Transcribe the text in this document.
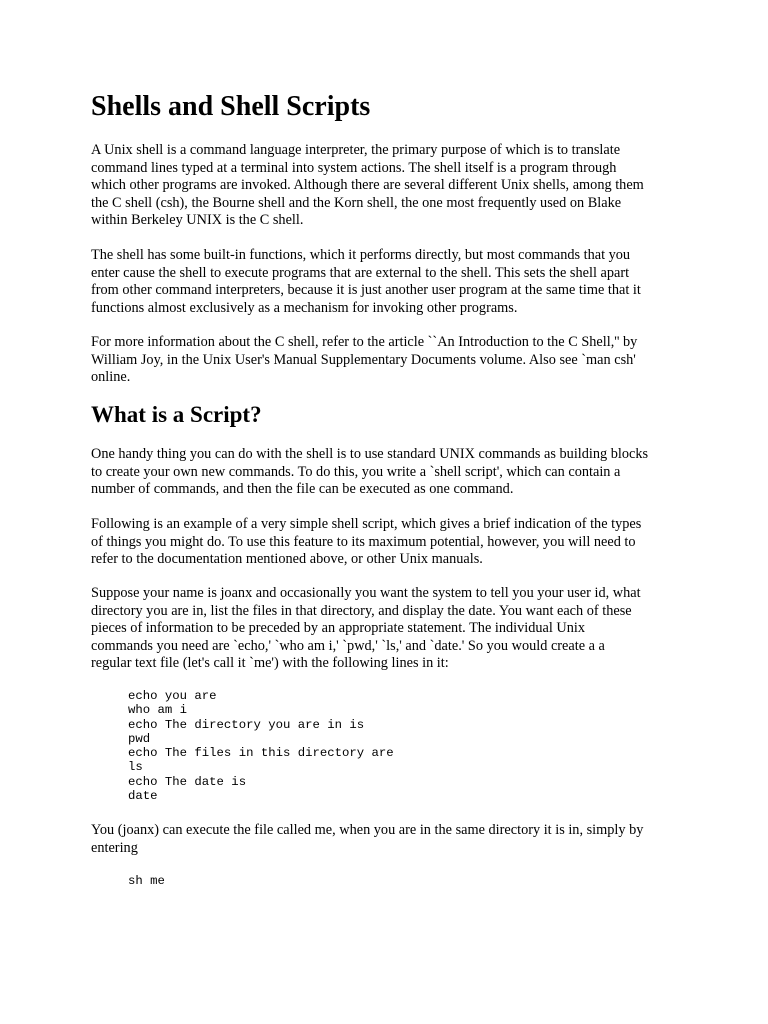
Shells and Shell Scripts

A Unix shell is a command language interpreter, the primary purpose of which is to translate
command lines typed at a terminal into system actions. The shell itself is a program through
which other programs are invoked. Although there are several different Unix shells, among them
the C shell (csh), the Bourne shell and the Korn shell, the one most frequently used on Blake
within Berkeley UNIX is the C shell.

The shell has some built-in functions, which it performs directly, but most commands that you
enter cause the shell to execute programs that are external to the shell. This sets the shell apart
from other command interpreters, because it is just another user program at the same time that it
functions almost exclusively as a mechanism for invoking other programs.

For more information about the C shell, refer to the article ``An Introduction to the C Shell,'' by
William Joy, in the Unix User's Manual Supplementary Documents volume. Also see `man csh'
online.

What is a Script?

One handy thing you can do with the shell is to use standard UNIX commands as building blocks
to create your own new commands. To do this, you write a `shell script', which can contain a
number of commands, and then the file can be executed as one command.

Following is an example of a very simple shell script, which gives a brief indication of the types
of things you might do. To use this feature to its maximum potential, however, you will need to
refer to the documentation mentioned above, or other Unix manuals.

Suppose your name is joanx and occasionally you want the system to tell you your user id, what
directory you are in, list the files in that directory, and display the date. You want each of these
pieces of information to be preceded by an appropriate statement. The individual Unix
commands you need are `echo,' `who am i,' `pwd,' `ls,' and `date.' So you would create a a
regular text file (let's call it `me') with the following lines in it:

echo you are
who am i
echo The directory you are in is
pwd
echo The files in this directory are
ls
echo The date is
date

You (joanx) can execute the file called me, when you are in the same directory it is in, simply by
entering

sh me
